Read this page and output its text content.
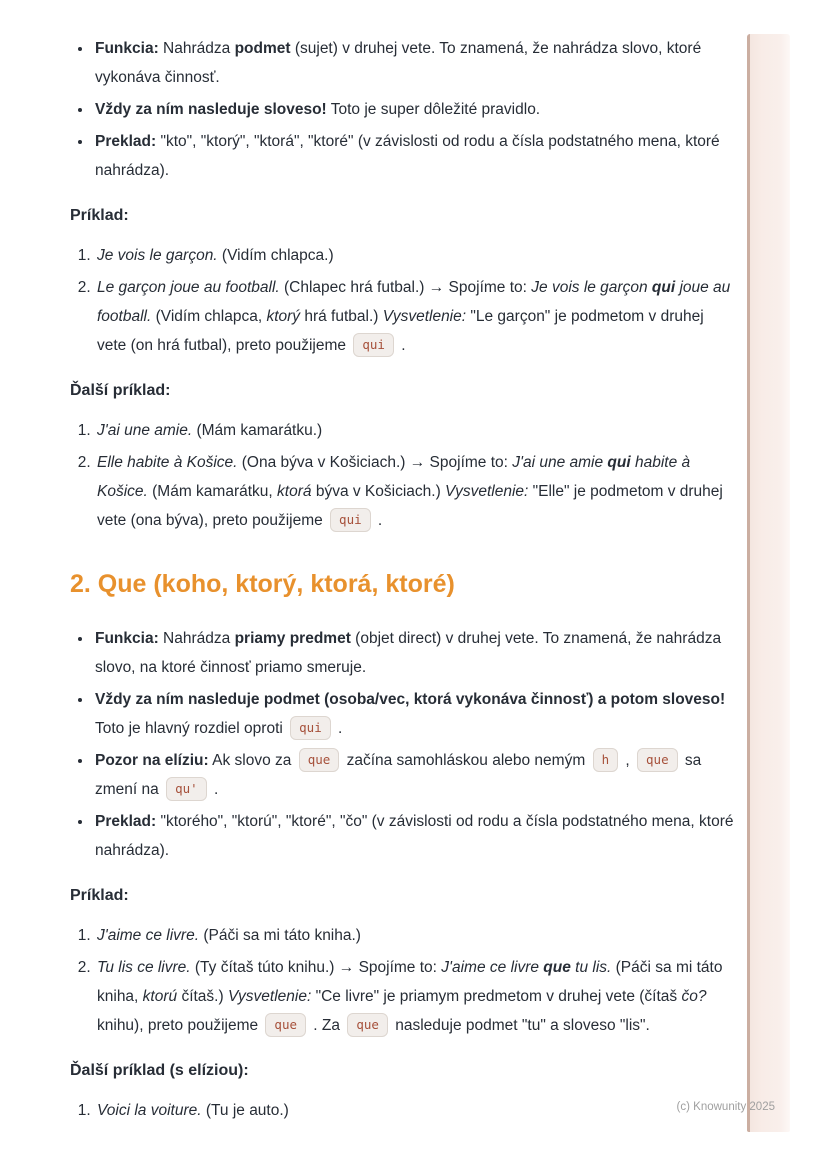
• Funkcia: Nahrádza podmet (sujet) v druhej vete. To znamená, že nahrádza slovo, ktoré vykonáva činnosť.
• Vždy za ním nasleduje sloveso! Toto je super dôležité pravidlo.
• Preklad: "kto", "ktorý", "ktorá", "ktoré" (v závislosti od rodu a čísla podstatného mena, ktoré nahrádza).

Príklad:

1. Je vois le garçon. (Vidím chlapca.)
2. Le garçon joue au football. (Chlapec hrá futbal.) → Spojíme to: Je vois le garçon qui joue au football. (Vidím chlapca, ktorý hrá futbal.) Vysvetlenie: "Le garçon" je podmetom v druhej vete (on hrá futbal), preto použijeme qui .

Ďalší príklad:

1. J'ai une amie. (Mám kamarátku.)
2. Elle habite à Košice. (Ona býva v Košiciach.) → Spojíme to: J'ai une amie qui habite à Košice. (Mám kamarátku, ktorá býva v Košiciach.) Vysvetlenie: "Elle" je podmetom v druhej vete (ona býva), preto použijeme qui .
2. Que (koho, ktorý, ktorá, ktoré)
• Funkcia: Nahrádza priamy predmet (objet direct) v druhej vete. To znamená, že nahrádza slovo, na ktoré činnosť priamo smeruje.
• Vždy za ním nasleduje podmet (osoba/vec, ktorá vykonáva činnosť) a potom sloveso! Toto je hlavný rozdiel oproti qui .
• Pozor na elíziu: Ak slovo za que začína samohláskou alebo nemým h , que sa zmení na qu' .
• Preklad: "ktorého", "ktorú", "ktoré", "čo" (v závislosti od rodu a čísla podstatného mena, ktoré nahrádza).

Príklad:

1. J'aime ce livre. (Páči sa mi táto kniha.)
2. Tu lis ce livre. (Ty čítaš túto knihu.) → Spojíme to: J'aime ce livre que tu lis. (Páči sa mi táto kniha, ktorú čítaš.) Vysvetlenie: "Ce livre" je priamym predmetom v druhej vete (čítaš čo? knihu), preto použijeme que . Za que nasleduje podmet "tu" a sloveso "lis".

Ďalší príklad (s elíziou):

1. Voici la voiture. (Tu je auto.)	(c) Knowunity 2025
